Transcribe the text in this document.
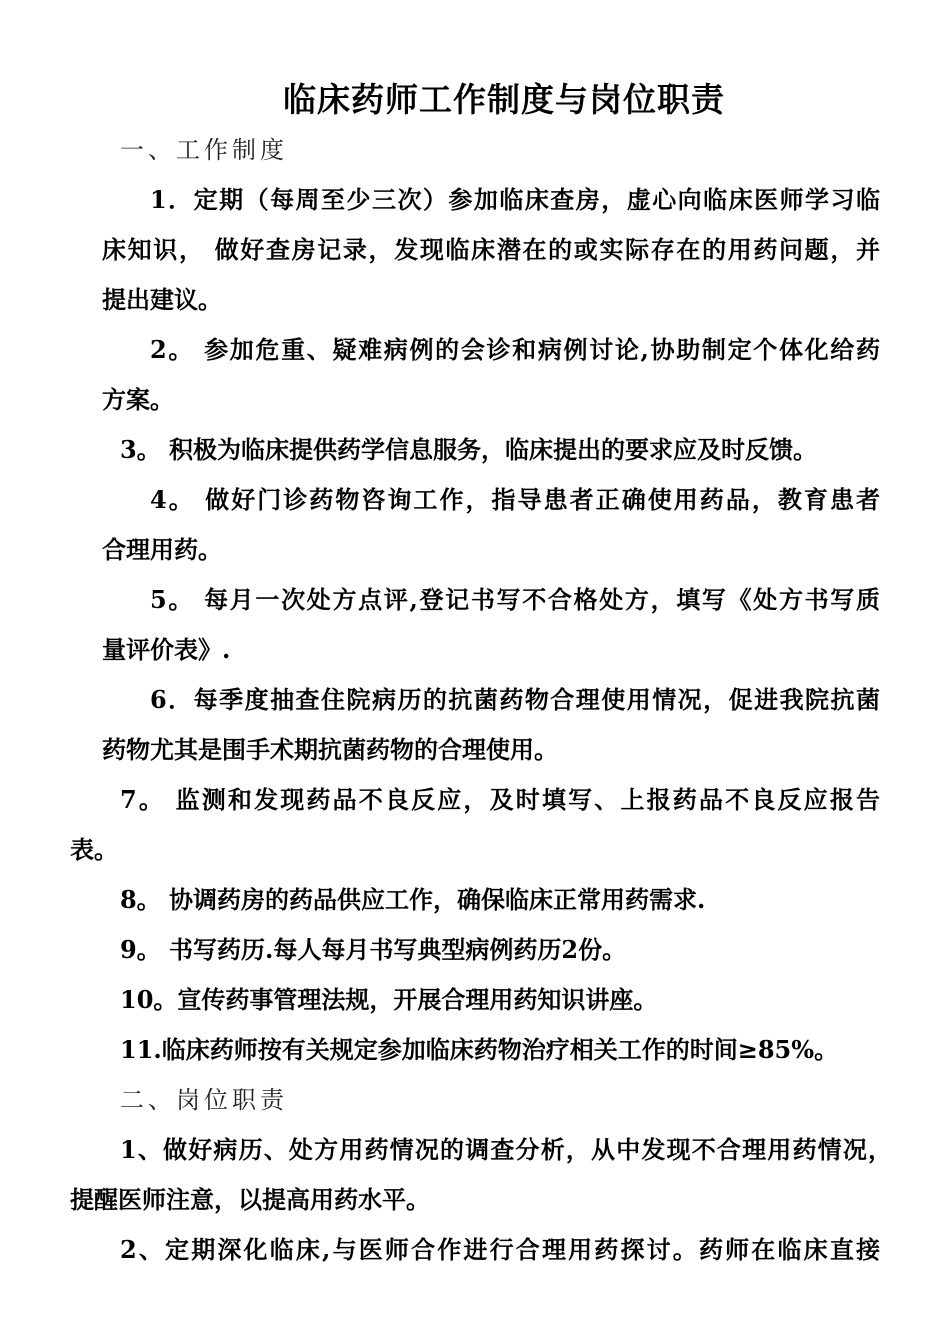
临床药师工作制度与岗位职责
一、工作制度
1．定期（每周至少三次）参加临床查房，虚心向临床医师学习临
床知识， 做好查房记录，发现临床潜在的或实际存在的用药问题，并
提出建议。
2。 参加危重、疑难病例的会诊和病例讨论,协助制定个体化给药
方案。
3。 积极为临床提供药学信息服务，临床提出的要求应及时反馈。
4。 做好门诊药物咨询工作，指导患者正确使用药品，教育患者
合理用药。
5。 每月一次处方点评,登记书写不合格处方，填写《处方书写质
量评价表》.
6．每季度抽查住院病历的抗菌药物合理使用情况，促进我院抗菌
药物尤其是围手术期抗菌药物的合理使用。
7。 监测和发现药品不良反应，及时填写、上报药品不良反应报告
表。
8。 协调药房的药品供应工作，确保临床正常用药需求.
9。 书写药历.每人每月书写典型病例药历2份。
10。宣传药事管理法规，开展合理用药知识讲座。
11.临床药师按有关规定参加临床药物治疗相关工作的时间≥85%。
二、岗位职责
1、做好病历、处方用药情况的调查分析，从中发现不合理用药情况，
提醒医师注意，以提高用药水平。
2、定期深化临床,与医师合作进行合理用药探讨。药师在临床直接
